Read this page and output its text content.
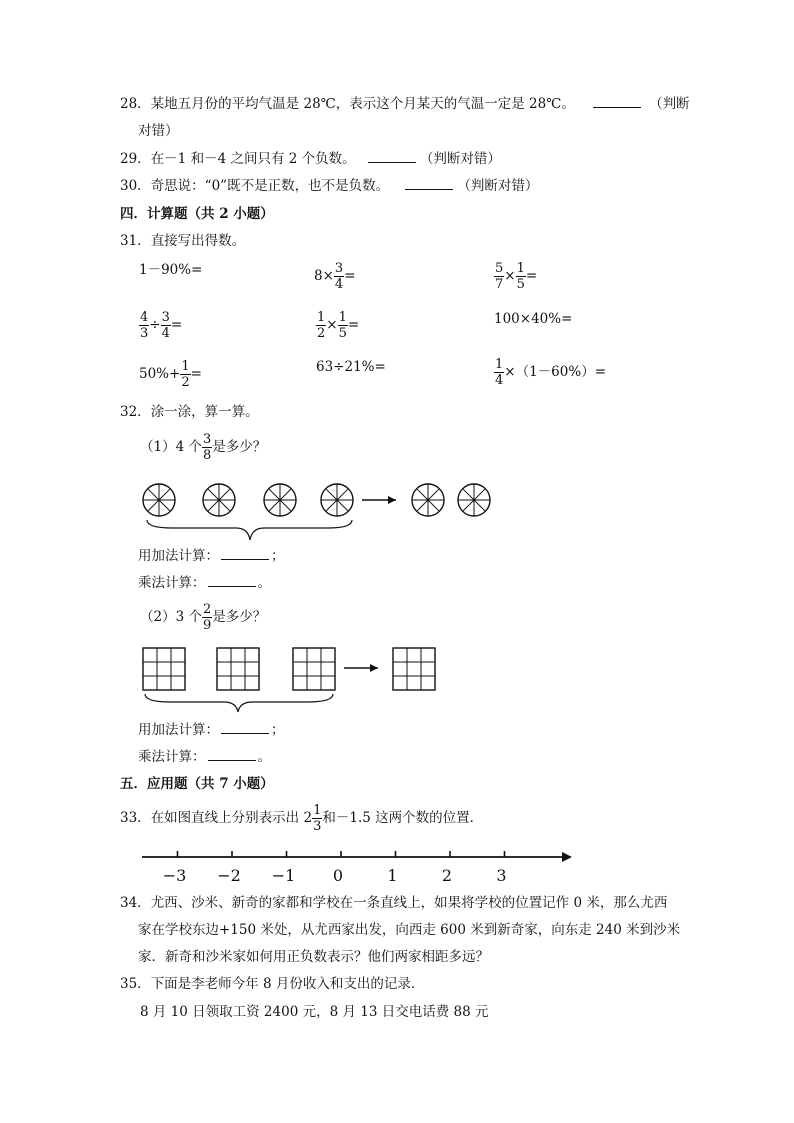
28．某地五月份的平均气温是 28℃，表示这个月某天的气温一定是 28℃。	（判断
对错）
29．在－1 和－4 之间只有 2 个负数。	（判断对错）
30．奇思说：“0”既不是正数，也不是负数。	（判断对错）
四．计算题（共 2 小题）
31．直接写出得数。
1－90%=	$8\times \frac{3}{4}$ =	$\frac{5}{7} \times \frac{1}{5}$ =
$\frac{4}{3} \div \frac{3}{4}$ =	$\frac{1}{2} \times \frac{1}{5}$ =	100×40%=
$50\%+ \frac{1}{2}$ =	63÷21%=	$\frac{1}{4} \times(1-60\%)=$
32．涂一涂，算一算。
（1）4 个 $\frac{3}{8}$ 是多少？
用加法计算：	；
乘法计算：	。
（2）3 个 $\frac{2}{9}$ 是多少？
用加法计算：	；
乘法计算：	。
五．应用题（共 7 小题）
33．在如图直线上分别表示出 $2 \frac{1}{3}$ 和－1.5 这两个数的位置．
−3 −2 −1 0	1	2	3
34．尤西、沙米、新奇的家都和学校在一条直线上，如果将学校的位置记作 0 米，那么尤西
家在学校东边+150 米处，从尤西家出发，向西走 600 米到新奇家，向东走 240 米到沙米
家．新奇和沙米家如何用正负数表示？他们两家相距多远？
35．下面是李老师今年 8 月份收入和支出的记录．
8 月 10 日领取工资 2400 元，8 月 13 日交电话费 88 元
